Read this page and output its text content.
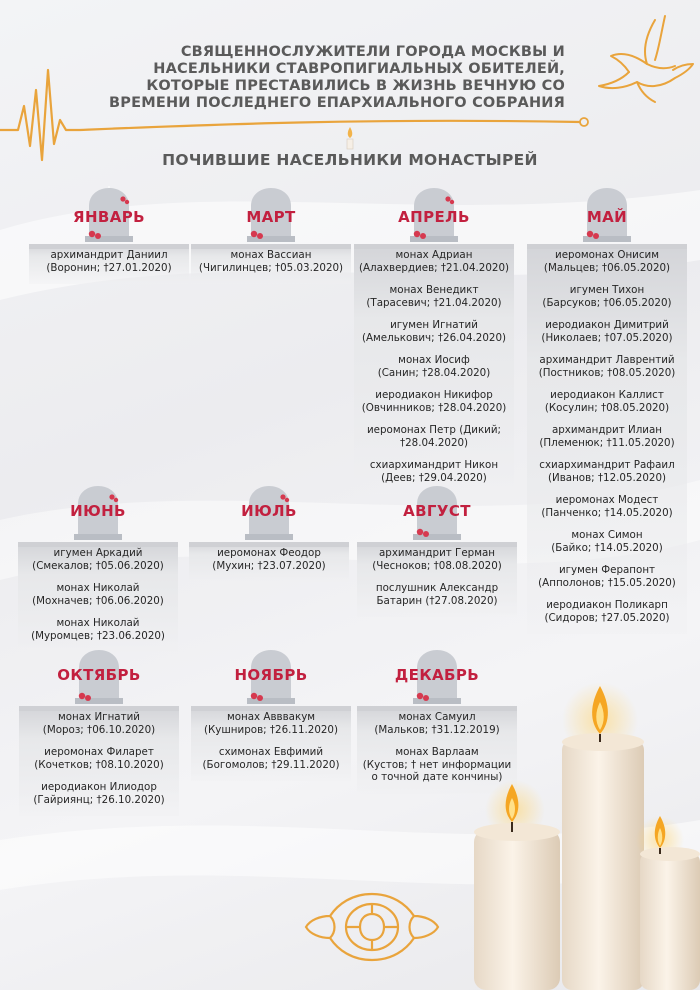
СВЯЩЕННОСЛУЖИТЕЛИ ГОРОДА МОСКВЫ И
НАСЕЛЬНИКИ СТАВРОПИГИАЛЬНЫХ ОБИТЕЛЕЙ,
КОТОРЫЕ ПРЕСТАВИЛИСЬ В ЖИЗНЬ ВЕЧНУЮ СО
ВРЕМЕНИ ПОСЛЕДНЕГО ЕПАРХИАЛЬНОГО СОБРАНИЯ
ПОЧИВШИЕ НАСЕЛЬНИКИ МОНАСТЫРЕЙ
ЯНВАРЬ
архимандрит Даниил
(Воронин; †27.01.2020)
МАРТ
монах Вассиан
(Чигилинцев; †05.03.2020)
АПРЕЛЬ
монах Адриан
(Алахвердиев; †21.04.2020)
монах Венедикт
(Тарасевич; †21.04.2020)
игумен Игнатий
(Амелькович; †26.04.2020)
монах Иосиф
(Санин; †28.04.2020)
иеродиакон Никифор
(Овчинников; †28.04.2020)
иеромонах Петр (Дикий;
†28.04.2020)
схиархимандрит Никон
(Деев; †29.04.2020)
МАЙ
иеромонах Онисим
(Мальцев; †06.05.2020)
игумен Тихон
(Барсуков; †06.05.2020)
иеродиакон Димитрий
(Николаев; †07.05.2020)
архимандрит Лаврентий
(Постников; †08.05.2020)
иеродиакон Каллист
(Косулин; †08.05.2020)
архимандрит Илиан
(Племенюк; †11.05.2020)
схиархимандрит Рафаил
(Иванов; †12.05.2020)
иеромонах Модест
(Панченко; †14.05.2020)
монах Симон
(Байко; †14.05.2020)
игумен Ферапонт
(Апполонов; †15.05.2020)
иеродиакон Поликарп
(Сидоров; †27.05.2020)
ИЮНЬ
игумен Аркадий
(Смекалов; †05.06.2020)
монах Николай
(Мохначев; †06.06.2020)
монах Николай
(Муромцев; †23.06.2020)
ИЮЛЬ
иеромонах Феодор
(Мухин; †23.07.2020)
АВГУСТ
архимандрит Герман
(Чесноков; †08.08.2020)
послушник Александр
Батарин (†27.08.2020)
ОКТЯБРЬ
монах Игнатий
(Мороз; †06.10.2020)
иеромонах Филарет
(Кочетков; †08.10.2020)
иеродиакон Илиодор
(Гайриянц; †26.10.2020)
НОЯБРЬ
монах Авввакум
(Кушниров; †26.11.2020)
схимонах Евфимий
(Богомолов; †29.11.2020)
ДЕКАБРЬ
монах Самуил
(Мальков; †31.12.2019)
монах Варлаам
(Кустов; † нет информации
о точной дате кончины)
